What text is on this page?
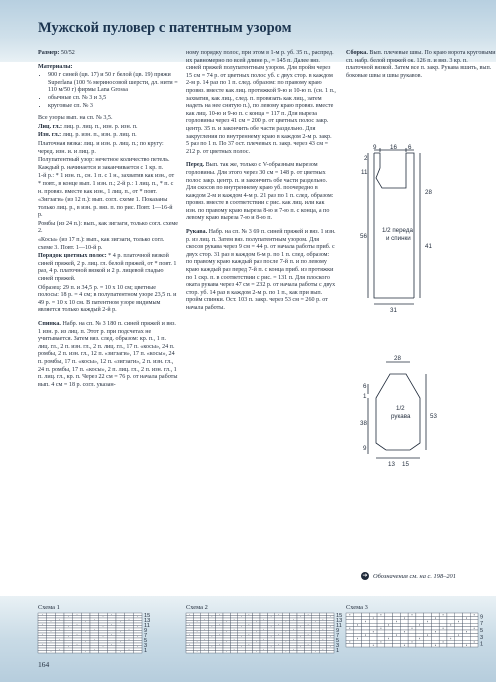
Мужской пуловер с патентным узором

Размер: 50/52

Материалы:

• 900 г синей (цв. 17) и 50 г белой (цв. 19) пряжи Superlana (100 % мериносовой шерсти, дл. нити = 110 м/50 г) фирмы Lana Grossa
• обычные сп. № 3 и 3,5
• круговые сп. № 3

Все узоры вып. на сп. № 3,5.

Лиц. гл.: лиц. р. лиц. п., изн. р. изн. п.

Изн. гл.: лиц. р. изн. п., изн. р. лиц. п.

Платочная вязка: лиц. и изн. р. лиц. п.; по кругу: черед. изн. и. и лиц. р.

Полупатентный узор: нечетное количество петель. Каждый р. начинается и заканчивается с 1 кр. п.

1-й р.: * 1 изн. п., сн. 1 п. с 1 н., захватив как изн., от * повт., в конце вып. 1 изн. п.; 2-й р.: 1 лиц. п., * п. с н. провяз. вместе как изн., 1 лиц. п., от * повт.

«Зигзаги» (из 12 п.): вып. согл. схеме 1. Показаны только лиц. р., в изн. р. вяз. п. по рис. Повт. 1—16-й р.

Ромбы (из 24 п.): вып., как зигзаги, только согл. схеме 2.

«Косы» (из 17 п.): вып., как зигзаги, только согл. схеме 3. Повт. 1—10-й р.

Порядок цветных полос: * 4 р. платочной вязкой синей пряжей, 2 р. лиц. гл. белой пряжей, от * повт. 1 раз, 4 р. платочной вязкой и 2 р. лицевой гладью синей пряжей.

Образец: 29 п. и 34,5 р. = 10 х 10 см; цветные полосы: 18 р. = 4 см; в полупатентном узоре 23,5 п. и 49 р. = 10 х 10 см. В патентном узоре видимым является только каждый 2-й р.

Спинка. Набр. на сп. № 3 180 п. синей пряжей и вяз. 1 изн. р. из лиц. п. Этот р. при подсчетах не учитывается. Затем вяз. след. образом: кр. п., 1 п. лиц. гл., 2 п. изн. гл., 2 п. лиц. гл., 17 п. «косы», 24 п. ромбы, 2 п. изн. гл., 12 п. «зигзаги», 17 п. «косы», 24 п. ромбы, 17 п. «косы», 12 п. «зигзаги», 2 п. изн. гл., 24 п. ромбы, 17 п. «косы», 2 п. лиц. гл., 2 п. изн. гл., 1 п. лиц. гл., кр. п. Через 22 см = 76 р. от начала работы вып. 4 см = 18 р. согл. указан-

ному порядку полос, при этом в 1-м р. уб. 35 п., распред. их равномерно по всей длине р., = 145 п. Далее вяз. синей пряжей полупатентным узором. Для пройм через 15 см = 74 р. от цветных полос уб. с двух стор. в каждом 2-м р. 14 раз по 1 п. след. образом: по правому краю провяз. вместе как лиц. протяжкой 9-ю и 10-ю п. (сн. 1 п., захватив, как лиц., след. п. провязать как лиц., затем надеть на нее снятую п.), по левому краю провяз. вместе как лиц. 10-ю и 9-ю п. с конца = 117 п. Для выреза горловины через 41 см = 200 р. от цветных полос закр. центр. 35 п. и закончить обе части раздельно. Для закругления по внутреннему краю в каждом 2-м р. закр. 5 раз по 1 п. По 37 ост. плечевых п. закр. через 43 см = 212 р. от цветных полос.

Перед. Вып. так же, только с V-образным вырезом горловины. Для этого через 30 см = 148 р. от цветных полос закр. центр. п. и закончить обе части раздельно. Для скосов по внутреннему краю уб. поочередно в каждом 2-м и каждом 4-м р. 21 раз по 1 п. след. образом: провяз. вместе в соответствии с рис. как лиц. или как изн. по правому краю вырезa 8-ю и 7-ю п. с конца, а по левому краю выреза 7-ю и 8-ю п.

Рукава. Набр. на сп. № 3 69 п. синей пряжей и вяз. 1 изн. р. из лиц. п. Затем вяз. полупатентным узором. Для скосов рукава через 9 см = 44 р. от начала работы приб. с двух стор. 31 раз в каждом 6-м р. по 1 п. след. образом: по правому краю каждый раз после 7-й п. и по левому краю каждый раз перед 7-й п. с конца приб. из протяжки по 1 скр. п. в соответствии с рис. = 131 п. Для плоского оката рукава через 47 см = 232 р. от начала работы с двух стор. уб. 14 раз в каждом 2-м р. по 1 п., как при вып. пройм спинки. Ост. 103 п. закр. через 53 см = 260 р. от начала работы.

Сборка. Вып. плечевые швы. По краю ворота круговыми сп. набр. белой пряжей ок. 126 п. и вяз. 3 кр. п. платочной вязкой. Затем все п. закр. Рукава вшить, вып. боковые швы и швы рукавов.

9 16 6
2
11
28
56
41
31
1/2 переда
и спинки
28
6
1
38
53
9
13 15
1/2
рукава
➔ Обозначения см. на с. 198–201
Схема 1
15
13
11
9
7
5
3
1
Схема 2
15
13
11
9
7
5
3
1
Схема 3
9
7
5
3
1
164
